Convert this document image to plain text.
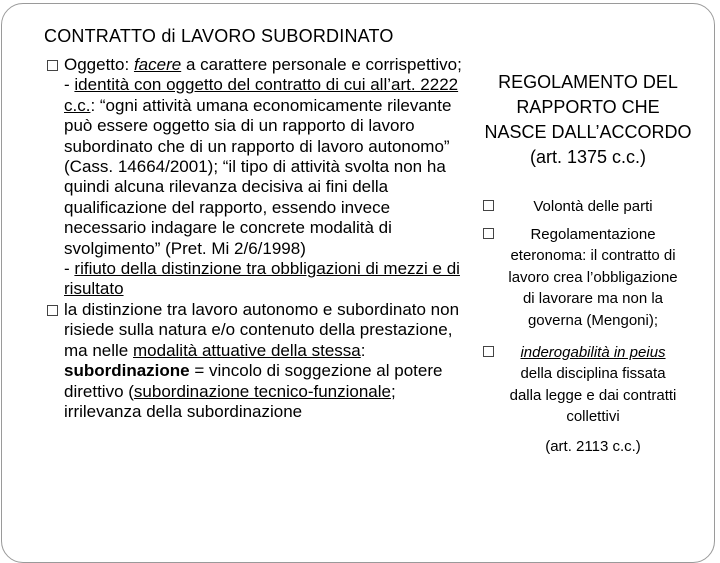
CONTRATTO di LAVORO SUBORDINATO
Oggetto: facere a carattere personale e corrispettivo;
- identità con oggetto del contratto di cui all’art. 2222 c.c.: “ogni attività umana economicamente rilevante può essere oggetto sia di un rapporto di lavoro subordinato che di un rapporto di lavoro autonomo” (Cass. 14664/2001); “il tipo di attività svolta non ha quindi alcuna rilevanza decisiva ai fini della qualificazione del rapporto, essendo invece necessario indagare le concrete modalità di svolgimento” (Pret. Mi 2/6/1998)
- rifiuto della distinzione tra obbligazioni di mezzi e di risultato
la distinzione tra lavoro autonomo e subordinato non risiede sulla natura e/o contenuto della prestazione, ma nelle modalità attuative della stessa: subordinazione = vincolo di soggezione al potere direttivo (subordinazione tecnico-funzionale; irrilevanza della subordinazione
REGOLAMENTO DEL RAPPORTO CHE NASCE DALL’ACCORDO (art. 1375 c.c.)
Volontà delle parti
Regolamentazione eteronoma: il contratto di lavoro crea l’obbligazione di lavorare ma non la governa (Mengoni);
inderogabilità in peius della disciplina fissata dalla legge e dai contratti collettivi
(art. 2113 c.c.)
